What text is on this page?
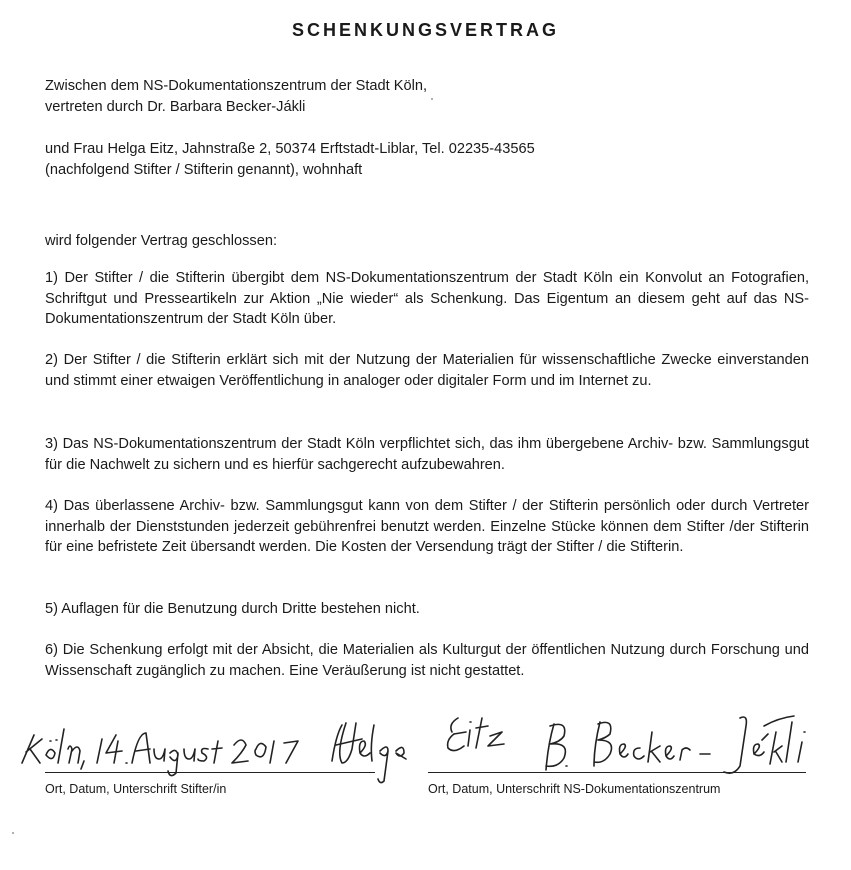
SCHENKUNGSVERTRAG
Zwischen dem NS-Dokumentationszentrum der Stadt Köln,
vertreten durch Dr. Barbara Becker-Jákli
und Frau Helga Eitz, Jahnstraße 2, 50374 Erftstadt-Liblar, Tel. 02235-43565
(nachfolgend Stifter / Stifterin genannt), wohnhaft
wird folgender Vertrag geschlossen:
1) Der Stifter / die Stifterin übergibt dem NS-Dokumentationszentrum der Stadt Köln ein Konvolut an Fotografien, Schriftgut und Presseartikeln zur Aktion „Nie wieder“ als Schenkung. Das Eigentum an diesem geht auf das NS-Dokumentationszentrum der Stadt Köln über.
2) Der Stifter / die Stifterin erklärt sich mit der Nutzung der Materialien für wissenschaftliche Zwecke einverstanden und stimmt einer etwaigen Veröffentlichung in analoger oder digitaler Form und im Internet zu.
3) Das NS-Dokumentationszentrum der Stadt Köln verpflichtet sich, das ihm übergebene Archiv- bzw. Sammlungsgut für die Nachwelt zu sichern und es hierfür sachgerecht aufzubewahren.
4) Das überlassene Archiv- bzw. Sammlungsgut kann von dem Stifter / der Stifterin persönlich oder durch Vertreter innerhalb der Dienststunden jederzeit gebührenfrei benutzt werden. Einzelne Stücke können dem Stifter /der Stifterin für eine befristete Zeit übersandt werden. Die Kosten der Versendung trägt der Stifter / die Stifterin.
5) Auflagen für die Benutzung durch Dritte bestehen nicht.
6) Die Schenkung erfolgt mit der Absicht, die Materialien als Kulturgut der öffentlichen Nutzung durch Forschung und Wissenschaft zugänglich zu machen. Eine Veräußerung ist nicht gestattet.
Ort, Datum, Unterschrift Stifter/in	Ort, Datum, Unterschrift NS-Dokumentationszentrum
